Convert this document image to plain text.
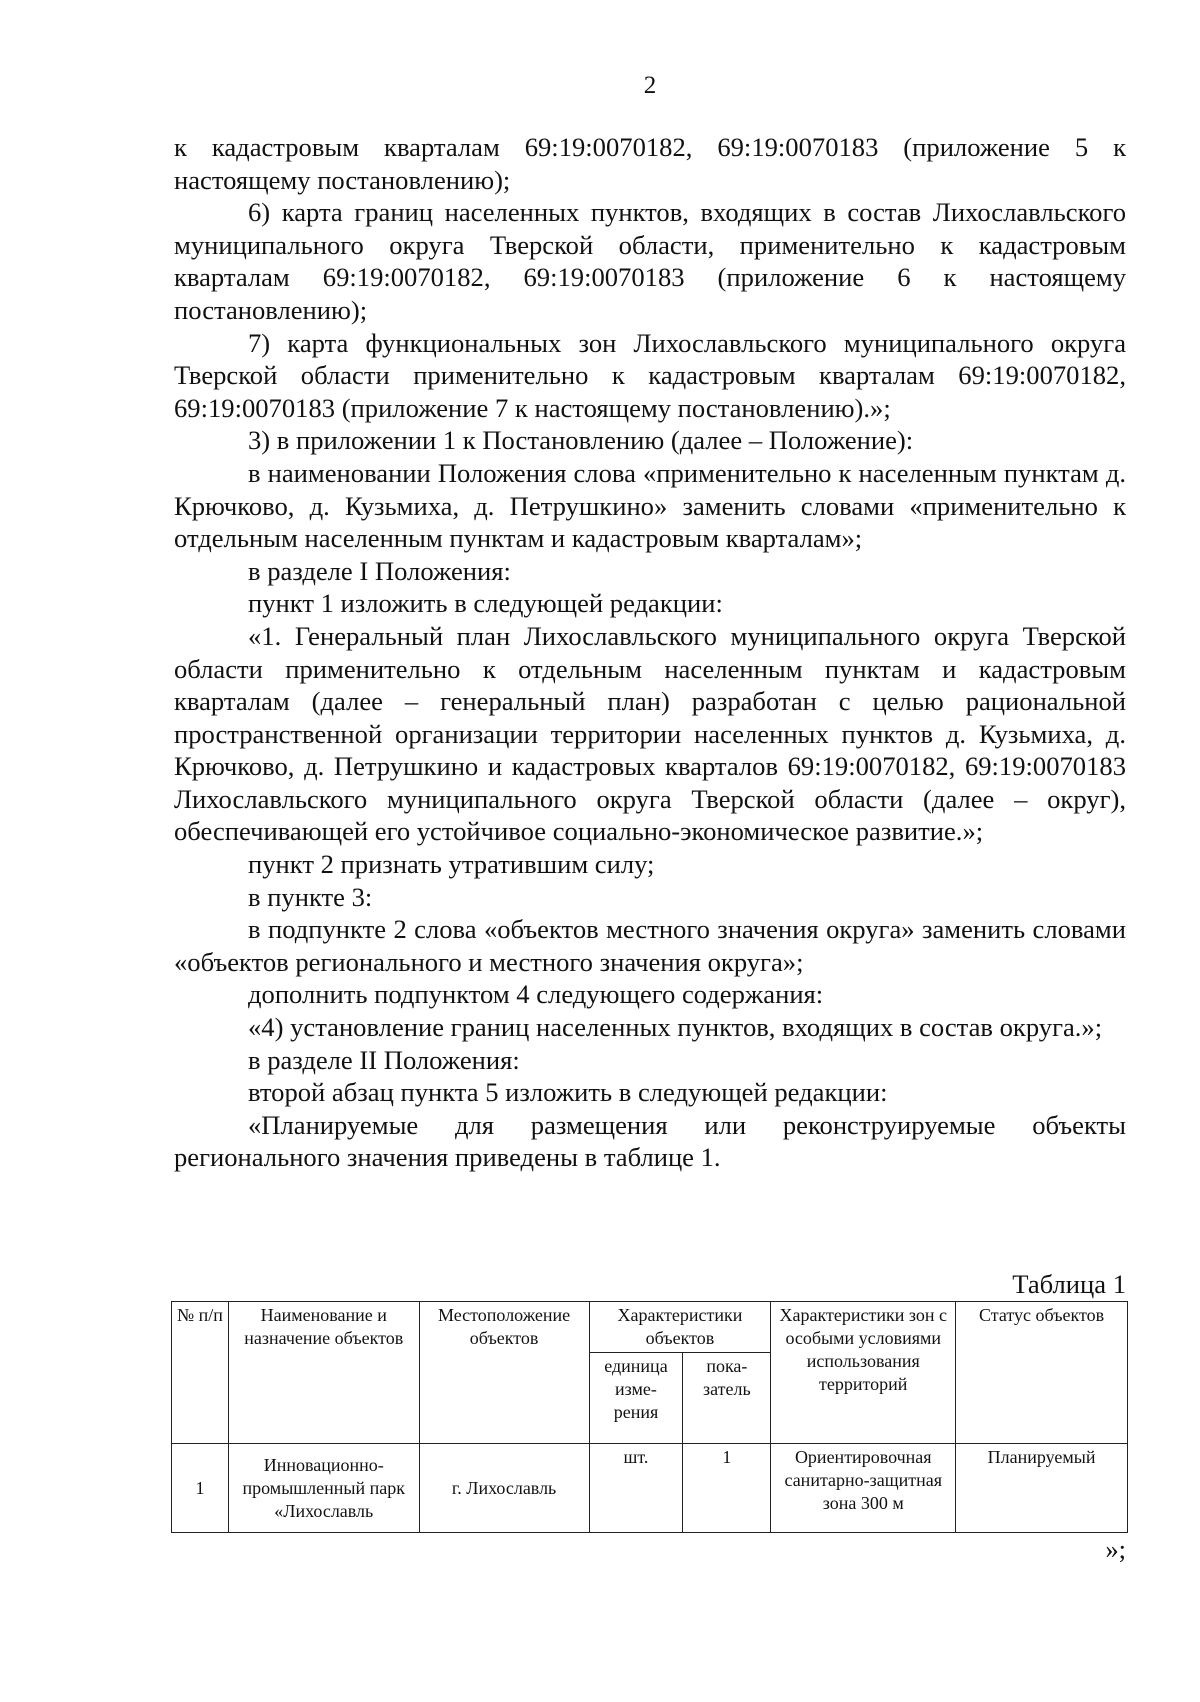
2

к кадастровым кварталам 69:19:0070182, 69:19:0070183 (приложение 5 к настоящему постановлению);

6) карта границ населенных пунктов, входящих в состав Лихославльского муниципального округа Тверской области, применительно к кадастровым кварталам 69:19:0070182, 69:19:0070183 (приложение 6 к настоящему постановлению);

7) карта функциональных зон Лихославльского муниципального округа Тверской области применительно к кадастровым кварталам 69:19:0070182, 69:19:0070183 (приложение 7 к настоящему постановлению).»;

3) в приложении 1 к Постановлению (далее – Положение):

в наименовании Положения слова «применительно к населенным пунктам д. Крючково, д. Кузьмиха, д. Петрушкино» заменить словами «применительно к отдельным населенным пунктам и кадастровым кварталам»;

в разделе I Положения:

пункт 1 изложить в следующей редакции:

«1. Генеральный план Лихославльского муниципального округа Тверской области применительно к отдельным населенным пунктам и кадастровым кварталам (далее – генеральный план) разработан с целью рациональной пространственной организации территории населенных пунктов д. Кузьмиха, д. Крючково, д. Петрушкино и кадастровых кварталов 69:19:0070182, 69:19:0070183 Лихославльского муниципального округа Тверской области (далее – округ), обеспечивающей его устойчивое социально-экономическое развитие.»;

пункт 2 признать утратившим силу;

в пункте 3:

в подпункте 2 слова «объектов местного значения округа» заменить словами «объектов регионального и местного значения округа»;

дополнить подпунктом 4 следующего содержания:

«4) установление границ населенных пунктов, входящих в состав округа.»;

в разделе II Положения:

второй абзац пункта 5 изложить в следующей редакции:

«Планируемые для размещения или реконструируемые объекты регионального значения приведены в таблице 1.

Таблица 1
№ п/п	Наименование и назначение объектов	Местоположение объектов	Характеристики объектов		Характеристики зон с особыми условиями использования территорий	Статус объектов
			единица изме-рения	пока-затель		
1	Инновационно-промышленный парк «Лихославль	г. Лихославль	шт.	1	Ориентировочная санитарно-защитная зона 300 м	Планируемый
»;
